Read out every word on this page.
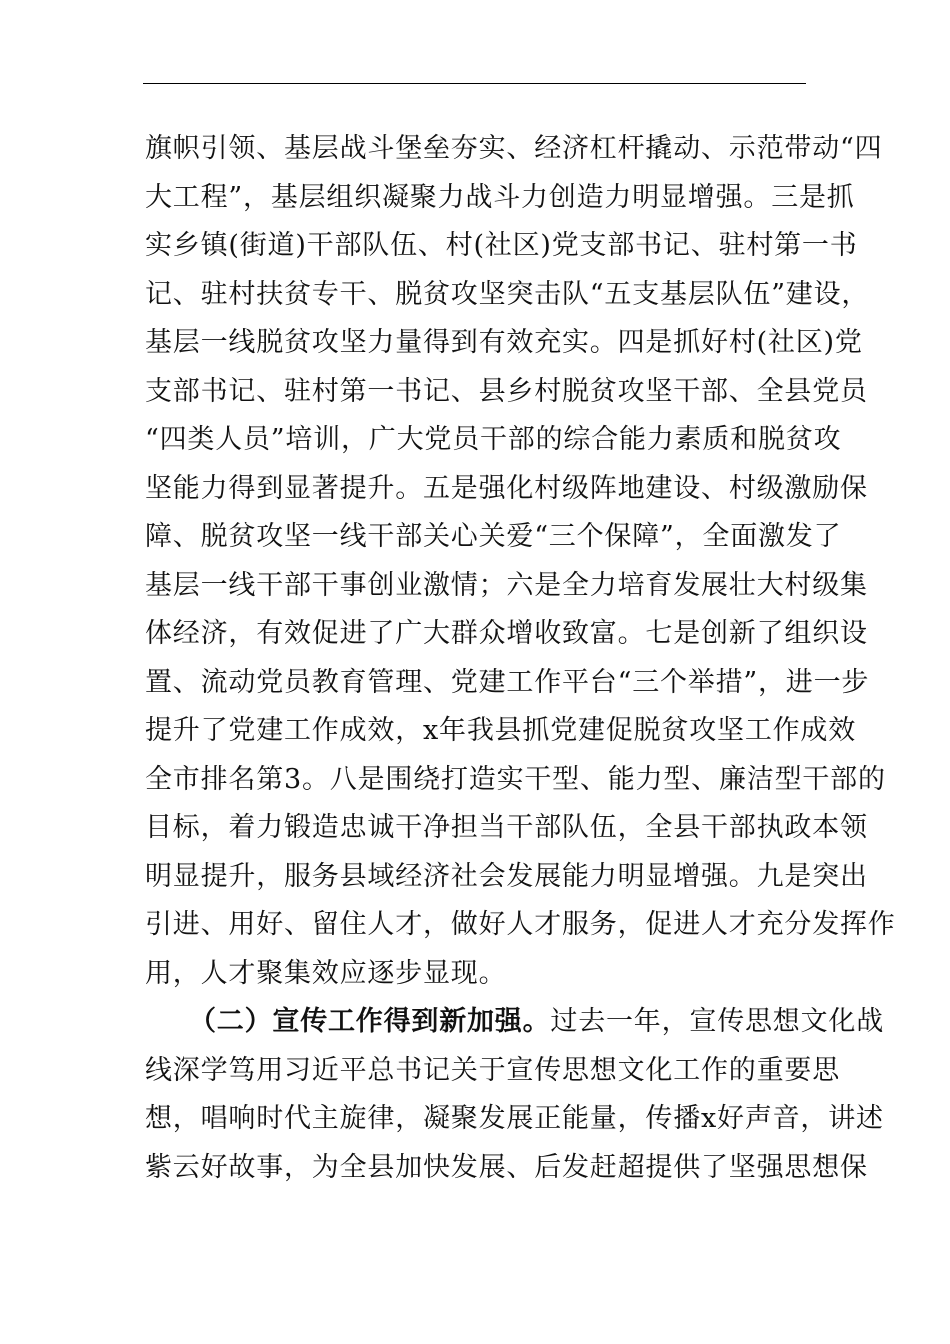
旗帜引领、基层战斗堡垒夯实、经济杠杆撬动、示范带动“四
大工程”，基层组织凝聚力战斗力创造力明显增强。三是抓
实乡镇(街道)干部队伍、村(社区)党支部书记、驻村第一书
记、驻村扶贫专干、脱贫攻坚突击队“五支基层队伍”建设，
基层一线脱贫攻坚力量得到有效充实。四是抓好村(社区)党
支部书记、驻村第一书记、县乡村脱贫攻坚干部、全县党员
“四类人员”培训，广大党员干部的综合能力素质和脱贫攻
坚能力得到显著提升。五是强化村级阵地建设、村级激励保
障、脱贫攻坚一线干部关心关爱“三个保障”，全面激发了
基层一线干部干事创业激情；六是全力培育发展壮大村级集
体经济，有效促进了广大群众增收致富。七是创新了组织设
置、流动党员教育管理、党建工作平台“三个举措”，进一步
提升了党建工作成效，x年我县抓党建促脱贫攻坚工作成效
全市排名第3。八是围绕打造实干型、能力型、廉洁型干部的
目标，着力锻造忠诚干净担当干部队伍，全县干部执政本领
明显提升，服务县域经济社会发展能力明显增强。九是突出
引进、用好、留住人才，做好人才服务，促进人才充分发挥作
用，人才聚集效应逐步显现。
（二）宣传工作得到新加强。过去一年，宣传思想文化战
线深学笃用习近平总书记关于宣传思想文化工作的重要思
想，唱响时代主旋律，凝聚发展正能量，传播x好声音，讲述
紫云好故事，为全县加快发展、后发赶超提供了坚强思想保
